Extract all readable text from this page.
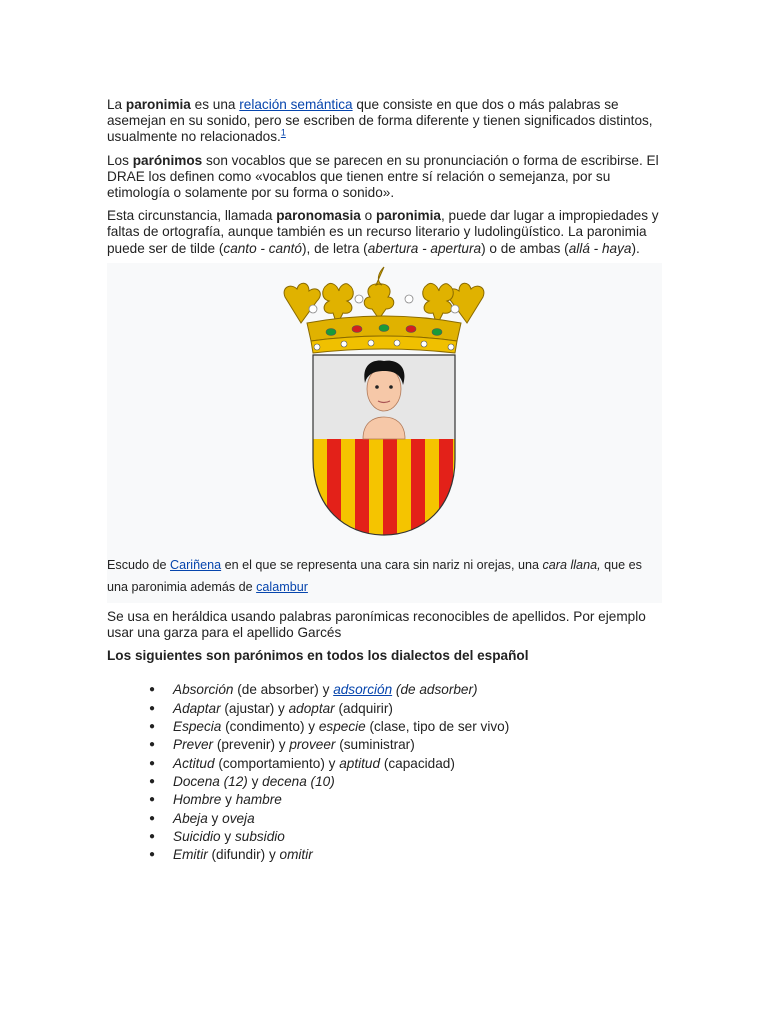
La paronimia es una relación semántica que consiste en que dos o más palabras se asemejan en su sonido, pero se escriben de forma diferente y tienen significados distintos, usualmente no relacionados.$^1$

Los parónimos son vocablos que se parecen en su pronunciación o forma de escribirse. El DRAE los definen como «vocablos que tienen entre sí relación o semejanza, por su etimología o solamente por su forma o sonido».

Esta circunstancia, llamada paronomasia o paronimia, puede dar lugar a impropiedades y faltas de ortografía, aunque también es un recurso literario y ludolingüístico. La paronimia puede ser de tilde (canto - cantó), de letra (abertura - apertura) o de ambas (allá - haya).

Escudo de Cariñena en el que se representa una cara sin nariz ni orejas, una cara llana, que es una paronimia además de calambur

Se usa en heráldica usando palabras paronímicas reconocibles de apellidos. Por ejemplo usar una garza para el apellido Garcés

Los siguientes son parónimos en todos los dialectos del español

● Absorción (de absorber) y adsorción (de adsorber)
● Adaptar (ajustar) y adoptar (adquirir)
● Especia (condimento) y especie (clase, tipo de ser vivo)
● Prever (prevenir) y proveer (suministrar)
● Actitud (comportamiento) y aptitud (capacidad)
● Docena (12) y decena (10)
● Hombre y hambre
● Abeja y oveja
● Suicidio y subsidio
● Emitir (difundir) y omitir
